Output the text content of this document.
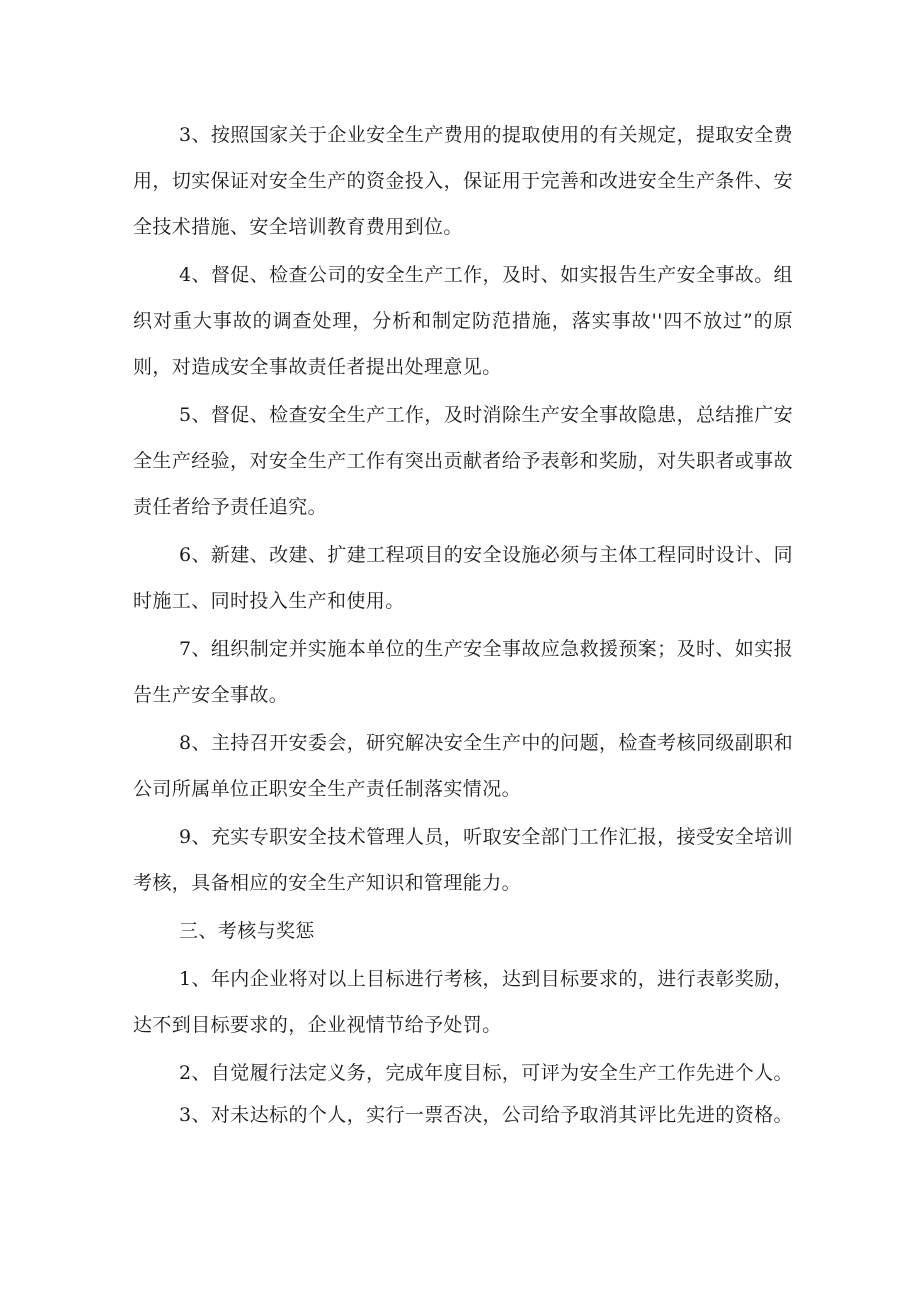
3、按照国家关于企业安全生产费用的提取使用的有关规定，提取安全费用，切实保证对安全生产的资金投入，保证用于完善和改进安全生产条件、安全技术措施、安全培训教育费用到位。

4、督促、检查公司的安全生产工作，及时、如实报告生产安全事故。组织对重大事故的调查处理，分析和制定防范措施，落实事故''四不放过”的原则，对造成安全事故责任者提出处理意见。

5、督促、检查安全生产工作，及时消除生产安全事故隐患，总结推广安全生产经验，对安全生产工作有突出贡献者给予表彰和奖励，对失职者或事故责任者给予责任追究。

6、新建、改建、扩建工程项目的安全设施必须与主体工程同时设计、同时施工、同时投入生产和使用。

7、组织制定并实施本单位的生产安全事故应急救援预案；及时、如实报告生产安全事故。

8、主持召开安委会，研究解决安全生产中的问题，检查考核同级副职和公司所属单位正职安全生产责任制落实情况。

9、充实专职安全技术管理人员，听取安全部门工作汇报，接受安全培训考核，具备相应的安全生产知识和管理能力。

三、考核与奖惩

1、年内企业将对以上目标进行考核，达到目标要求的，进行表彰奖励，达不到目标要求的，企业视情节给予处罚。

2、自觉履行法定义务，完成年度目标，可评为安全生产工作先进个人。

3、对未达标的个人，实行一票否决，公司给予取消其评比先进的资格。
